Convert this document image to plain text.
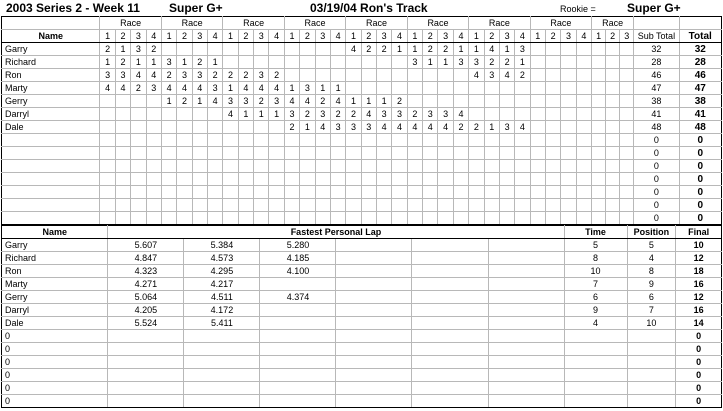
2003 Series 2 - Week 11 Super G+	03/19/04 Ron's Track	Rookie =	Super G+
	Race				Race				Race				Race				Race				Race				Race				Race				Race				
Name	1	2	3	4	1	2	3	4	1	2	3	4	1	2	3	4	1	2	3	4	1	2	3	4	1	2	3	4	1	2	3	4	1	2	3	Sub Total	Total
Garry	2	1	3	2													4	2	2	1	1	2	2	1	1	4	1	3								32	32
Richard	1	2	1	1	3	1	2	1													3	1	1	3	3	2	2	1								28	28
Ron	3	3	4	4	2	3	3	2	2	2	3	2													4	3	4	2								46	46
Marty	4	4	2	3	4	4	4	3	1	4	4	4	1	3	1	1																				47	47
Gerry					1	2	1	4	3	3	2	3	4	4	2	4	1	1	1	2																38	38
Darryl									4	1	1	1	3	2	3	2	2	4	3	3	2	3	3	4												41	41
Dale													2	1	4	3	3	3	4	4	4	4	4	2	2	1	3	4								48	48
																																				0	0
																																				0	0
																																				0	0
																																				0	0
																																				0	0
																																				0	0
																																				0	0
Name	Fastest Personal Lap						Time	Position	Final
Garry	5.607	5.384	5.280					5	5	10
Richard	4.847	4.573	4.185					8	4	12
Ron	4.323	4.295	4.100					10	8	18
Marty	4.271	4.217						7	9	16
Gerry	5.064	4.511	4.374					6	6	12
Darryl	4.205	4.172						9	7	16
Dale	5.524	5.411						4	10	14
0										0
0										0
0										0
0										0
0										0
0										0
